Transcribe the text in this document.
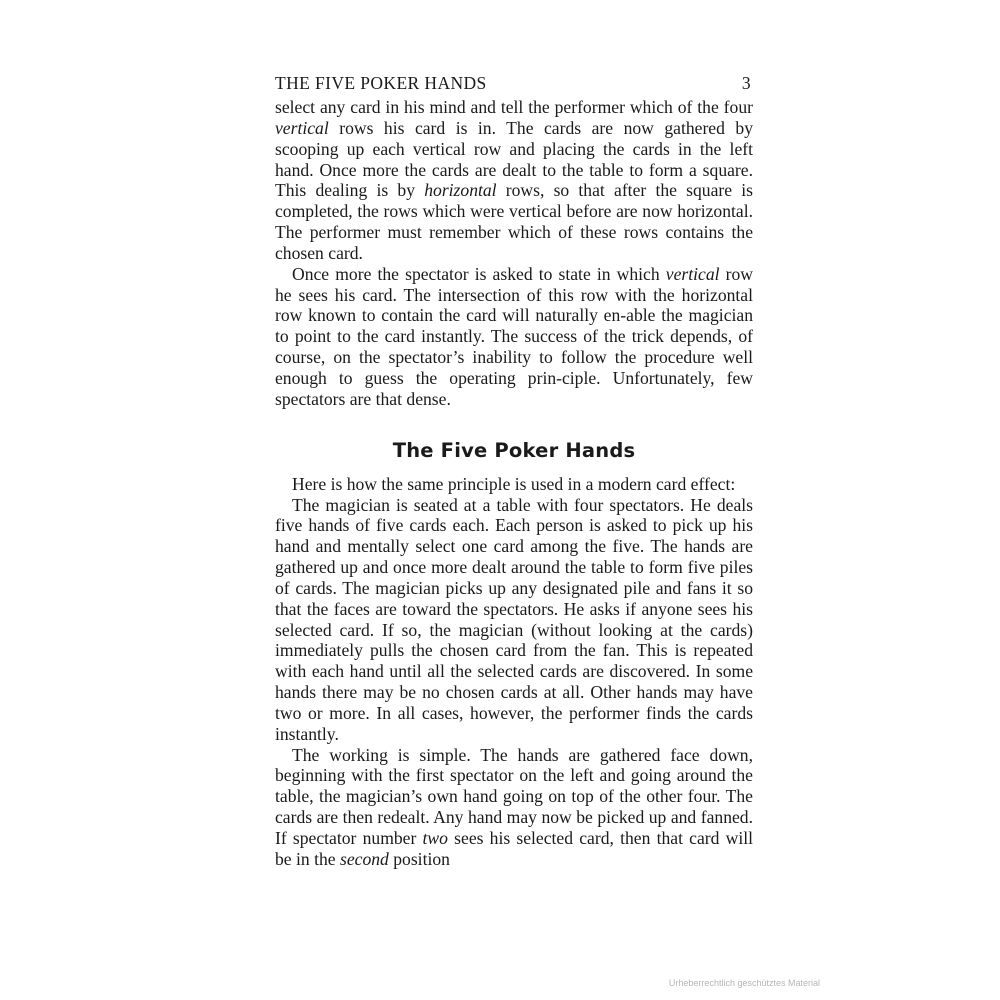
THE FIVE POKER HANDS	3

select any card in his mind and tell the performer which of the four vertical rows his card is in. The cards are now gathered by scooping up each vertical row and placing the cards in the left hand. Once more the cards are dealt to the table to form a square. This dealing is by horizontal rows, so that after the square is completed, the rows which were vertical before are now horizontal. The performer must remember which of these rows contains the chosen card.

Once more the spectator is asked to state in which vertical row he sees his card. The intersection of this row with the horizontal row known to contain the card will naturally en-able the magician to point to the card instantly. The success of the trick depends, of course, on the spectator’s inability to follow the procedure well enough to guess the operating prin-ciple. Unfortunately, few spectators are that dense.

The Five Poker Hands

Here is how the same principle is used in a modern card effect:

The magician is seated at a table with four spectators. He deals five hands of five cards each. Each person is asked to pick up his hand and mentally select one card among the five. The hands are gathered up and once more dealt around the table to form five piles of cards. The magician picks up any designated pile and fans it so that the faces are toward the spectators. He asks if anyone sees his selected card. If so, the magician (without looking at the cards) immediately pulls the chosen card from the fan. This is repeated with each hand until all the selected cards are discovered. In some hands there may be no chosen cards at all. Other hands may have two or more. In all cases, however, the performer finds the cards instantly.

The working is simple. The hands are gathered face down, beginning with the first spectator on the left and going around the table, the magician’s own hand going on top of the other four. The cards are then redealt. Any hand may now be picked up and fanned. If spectator number two sees his selected card, then that card will be in the second position

Urheberrechtlich geschütztes Material
